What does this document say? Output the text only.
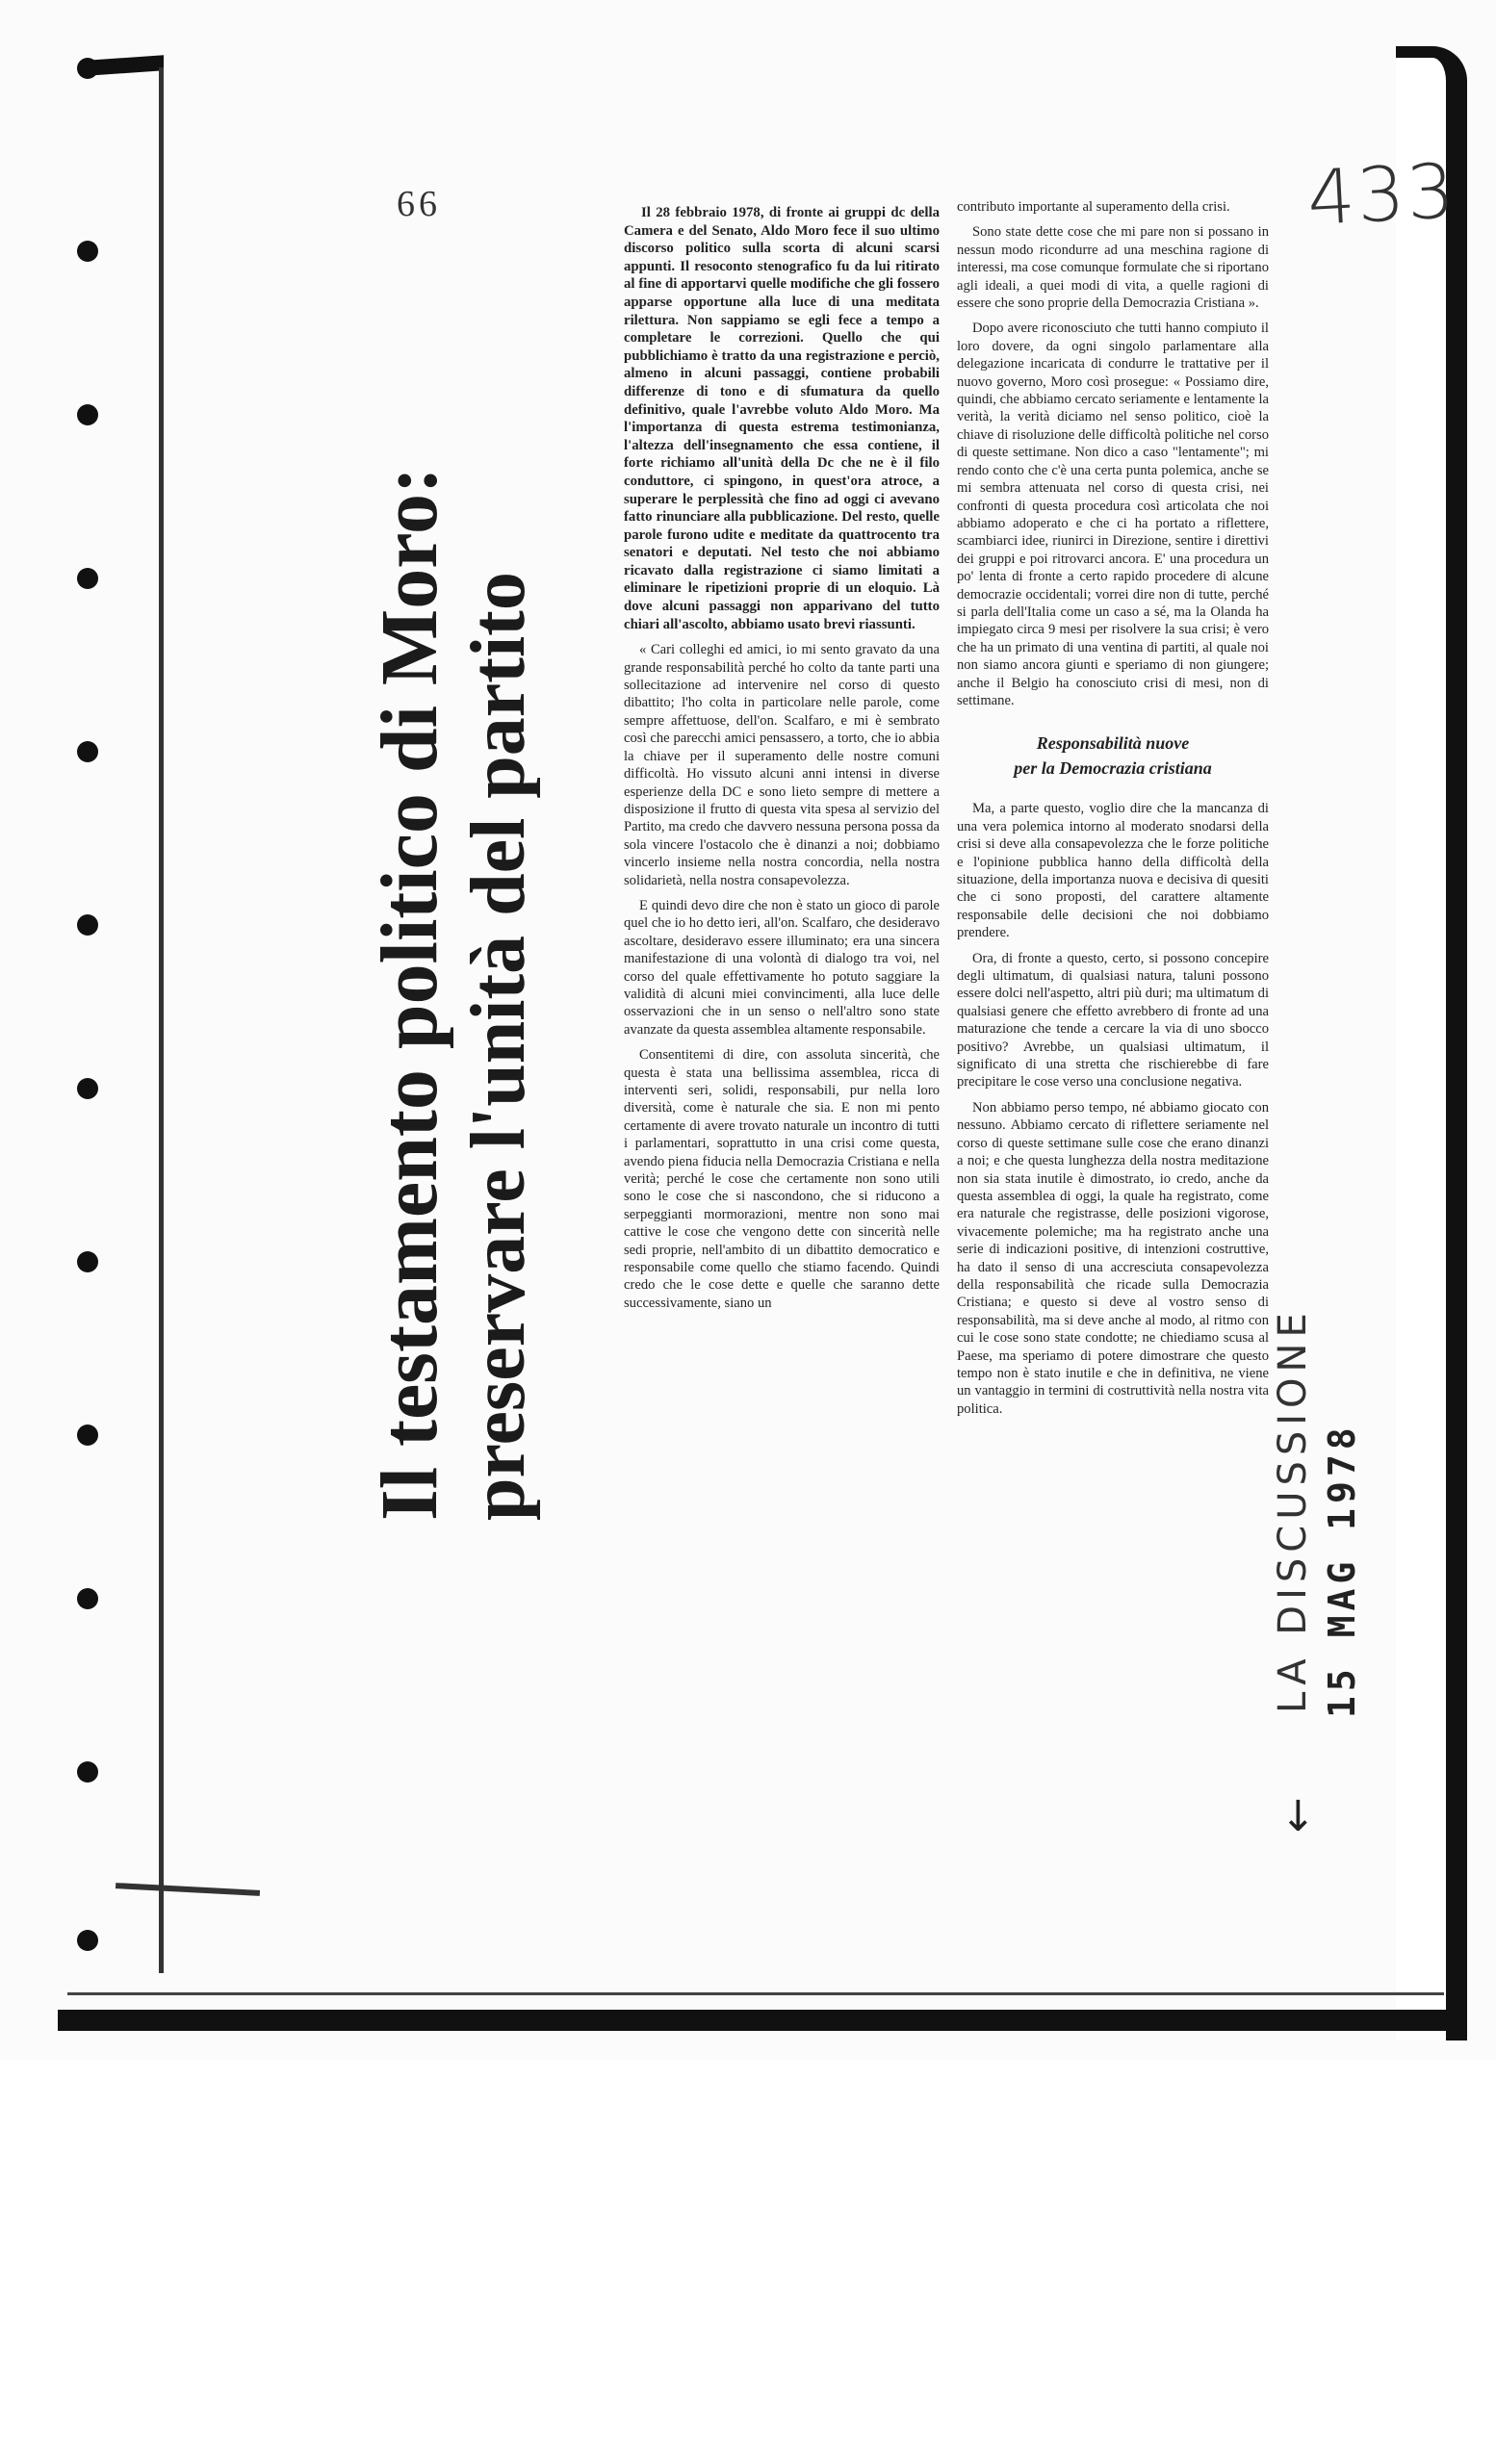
66	433
Il testamento politico di Moro: preservare l'unità del partito

Il 28 febbraio 1978, di fronte ai gruppi dc della Camera e del Senato, Aldo Moro fece il suo ultimo discorso politico sulla scorta di alcuni scarsi appunti. Il resoconto stenografico fu da lui ritirato al fine di apportarvi quelle modifiche che gli fossero apparse opportune alla luce di una meditata rilettura. Non sappiamo se egli fece a tempo a completare le correzioni. Quello che qui pubblichiamo è tratto da una registrazione e perciò, almeno in alcuni passaggi, contiene probabili differenze di tono e di sfumatura da quello definitivo, quale l'avrebbe voluto Aldo Moro. Ma l'importanza di questa estrema testimonianza, l'altezza dell'insegnamento che essa contiene, il forte richiamo all'unità della Dc che ne è il filo conduttore, ci spingono, in quest'ora atroce, a superare le perplessità che fino ad oggi ci avevano fatto rinunciare alla pubblicazione. Del resto, quelle parole furono udite e meditate da quattrocento tra senatori e deputati. Nel testo che noi abbiamo ricavato dalla registrazione ci siamo limitati a eliminare le ripetizioni proprie di un eloquio. Là dove alcuni passaggi non apparivano del tutto chiari all'ascolto, abbiamo usato brevi riassunti.

« Cari colleghi ed amici, io mi sento gravato da una grande responsabilità perché ho colto da tante parti una sollecitazione ad intervenire nel corso di questo dibattito; l'ho colta in particolare nelle parole, come sempre affettuose, dell'on. Scalfaro, e mi è sembrato così che parecchi amici pensassero, a torto, che io abbia la chiave per il superamento delle nostre comuni difficoltà. Ho vissuto alcuni anni intensi in diverse esperienze della DC e sono lieto sempre di mettere a disposizione il frutto di questa vita spesa al servizio del Partito, ma credo che davvero nessuna persona possa da sola vincere l'ostacolo che è dinanzi a noi; dobbiamo vincerlo insieme nella nostra concordia, nella nostra solidarietà, nella nostra consapevolezza.

E quindi devo dire che non è stato un gioco di parole quel che io ho detto ieri, all'on. Scalfaro, che desideravo ascoltare, desideravo essere illuminato; era una sincera manifestazione di una volontà di dialogo tra voi, nel corso del quale effettivamente ho potuto saggiare la validità di alcuni miei convincimenti, alla luce delle osservazioni che in un senso o nell'altro sono state avanzate da questa assemblea altamente responsabile.

Consentitemi di dire, con assoluta sincerità, che questa è stata una bellissima assemblea, ricca di interventi seri, solidi, responsabili, pur nella loro diversità, come è naturale che sia. E non mi pento certamente di avere trovato naturale un incontro di tutti i parlamentari, soprattutto in una crisi come questa, avendo piena fiducia nella Democrazia Cristiana e nella verità; perché le cose che certamente non sono utili sono le cose che si nascondono, che si riducono a serpeggianti mormorazioni, mentre non sono mai cattive le cose che vengono dette con sincerità nelle sedi proprie, nell'ambito di un dibattito democratico e responsabile come quello che stiamo facendo. Quindi credo che le cose dette e quelle che saranno dette successivamente, siano un

contributo importante al superamento della crisi.

Sono state dette cose che mi pare non si possano in nessun modo ricondurre ad una meschina ragione di interessi, ma cose comunque formulate che si riportano agli ideali, a quei modi di vita, a quelle ragioni di essere che sono proprie della Democrazia Cristiana ».

Dopo avere riconosciuto che tutti hanno compiuto il loro dovere, da ogni singolo parlamentare alla delegazione incaricata di condurre le trattative per il nuovo governo, Moro così prosegue: « Possiamo dire, quindi, che abbiamo cercato seriamente e lentamente la verità, la verità diciamo nel senso politico, cioè la chiave di risoluzione delle difficoltà politiche nel corso di queste settimane. Non dico a caso "lentamente"; mi rendo conto che c'è una certa punta polemica, anche se mi sembra attenuata nel corso di questa crisi, nei confronti di questa procedura così articolata che noi abbiamo adoperato e che ci ha portato a riflettere, scambiarci idee, riunirci in Direzione, sentire i direttivi dei gruppi e poi ritrovarci ancora. E' una procedura un po' lenta di fronte a certo rapido procedere di alcune democrazie occidentali; vorrei dire non di tutte, perché si parla dell'Italia come un caso a sé, ma la Olanda ha impiegato circa 9 mesi per risolvere la sua crisi; è vero che ha un primato di una ventina di partiti, al quale noi non siamo ancora giunti e speriamo di non giungere; anche il Belgio ha conosciuto crisi di mesi, non di settimane.

Responsabilità nuove
per la Democrazia cristiana

Ma, a parte questo, voglio dire che la mancanza di una vera polemica intorno al moderato snodarsi della crisi si deve alla consapevolezza che le forze politiche e l'opinione pubblica hanno della difficoltà della situazione, della importanza nuova e decisiva di quesiti che ci sono proposti, del carattere altamente responsabile delle decisioni che noi dobbiamo prendere.

Ora, di fronte a questo, certo, si possono concepire degli ultimatum, di qualsiasi natura, taluni possono essere dolci nell'aspetto, altri più duri; ma ultimatum di qualsiasi genere che effetto avrebbero di fronte ad una maturazione che tende a cercare la via di uno sbocco positivo? Avrebbe, un qualsiasi ultimatum, il significato di una stretta che rischierebbe di fare precipitare le cose verso una conclusione negativa.

Non abbiamo perso tempo, né abbiamo giocato con nessuno. Abbiamo cercato di riflettere seriamente nel corso di queste settimane sulle cose che erano dinanzi a noi; e che questa lunghezza della nostra meditazione non sia stata inutile è dimostrato, io credo, anche da questa assemblea di oggi, la quale ha registrato, come era naturale che registrasse, delle posizioni vigorose, vivacemente polemiche; ma ha registrato anche una serie di indicazioni positive, di intenzioni costruttive, ha dato il senso di una accresciuta consapevolezza della responsabilità che ricade sulla Democrazia Cristiana; e questo si deve al vostro senso di responsabilità, ma si deve anche al modo, al ritmo con cui le cose sono state condotte; ne chiediamo scusa al Paese, ma speriamo di potere dimostrare che questo tempo non è stato inutile e che in definitiva, ne viene un vantaggio in termini di costruttività nella nostra vita politica.	LA DISCUSSIONE 15 MAG 1978
↓
